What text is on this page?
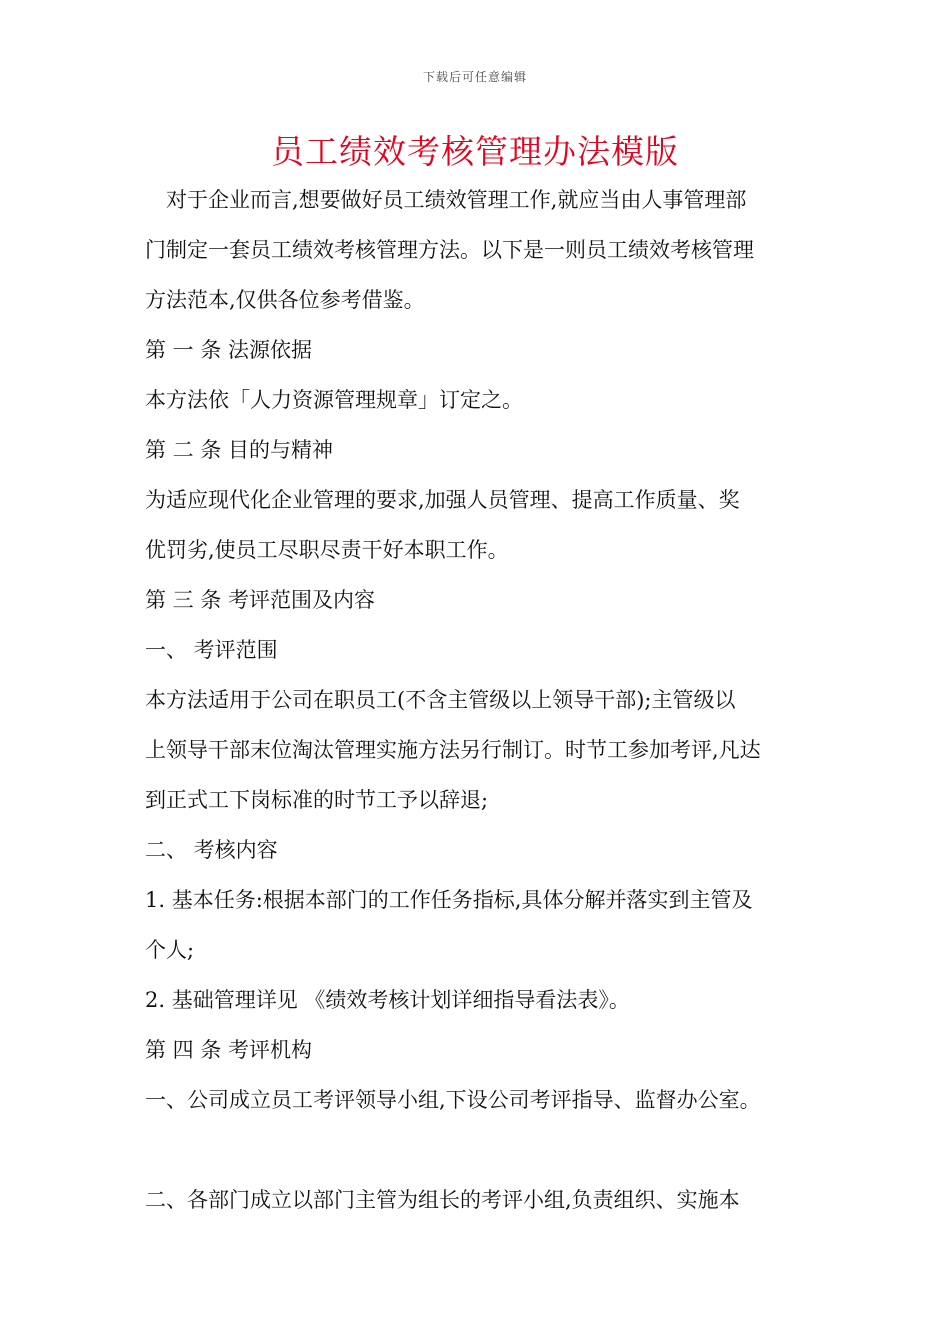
下载后可任意编辑
员工绩效考核管理办法模版
　对于企业而言,想要做好员工绩效管理工作,就应当由人事管理部
门制定一套员工绩效考核管理方法。以下是一则员工绩效考核管理
方法范本,仅供各位参考借鉴。
第 一 条 法源依据
本方法依「人力资源管理规章」订定之。
第 二 条 目的与精神
为适应现代化企业管理的要求,加强人员管理、提高工作质量、奖
优罚劣,使员工尽职尽责干好本职工作。
第 三 条 考评范围及内容
一、 考评范围
本方法适用于公司在职员工(不含主管级以上领导干部);主管级以
上领导干部末位淘汰管理实施方法另行制订。时节工参加考评,凡达
到正式工下岗标准的时节工予以辞退;
二、 考核内容
1. 基本任务:根据本部门的工作任务指标,具体分解并落实到主管及
个人;
2. 基础管理详见 《绩效考核计划详细指导看法表》。
第 四 条 考评机构
一、公司成立员工考评领导小组,下设公司考评指导、监督办公室。
二、各部门成立以部门主管为组长的考评小组,负责组织、实施本
